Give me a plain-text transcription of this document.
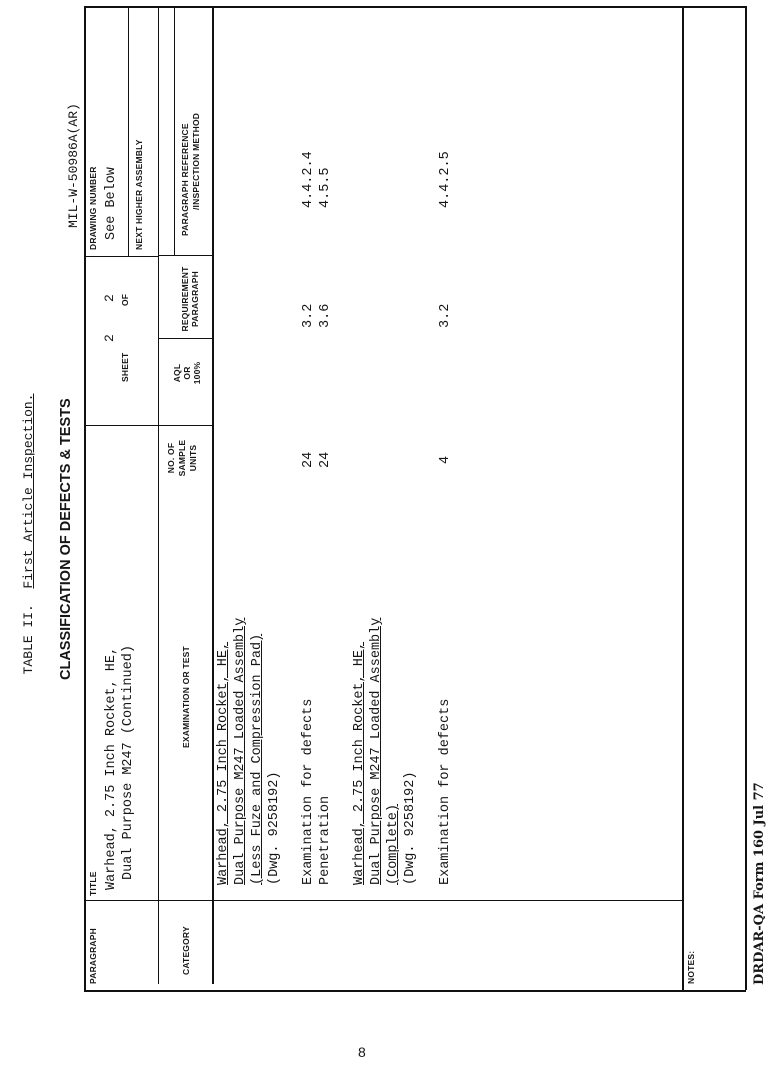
TABLE II.  First Article Inspection. CLASSIFICATION OF DEFECTS & TESTS
MIL-W-50986A(AR)
PARAGRAPH
TITLE Warhead, 2.75 Inch Rocket, HE, Dual Purpose M247 (Continued)
SHEET
2
OF
2
DRAWING NUMBER See Below NEXT HIGHER ASSEMBLY
CATEGORY
EXAMINATION OR TEST
NO. OF SAMPLE UNITS
AQL OR 100%
REQUIREMENT PARAGRAPH
PARAGRAPH REFERENCE /INSPECTION METHOD
Warhead, 2.75 Inch Rocket, HE, Dual Purpose M247 Loaded Assembly (Less Fuze and Compression Pad) (Dwg. 9258192) Examination for defects
24
3.2
4.4.2.4
Penetration
24
3.6
4.5.5
Warhead, 2.75 Inch Rocket, HE, Dual Purpose M247 Loaded Assembly (Complete) (Dwg. 9258192) Examination for defects
4
3.2
4.4.2.5
NOTES:	DRDAR-QA Form 160 Jul 77
8
